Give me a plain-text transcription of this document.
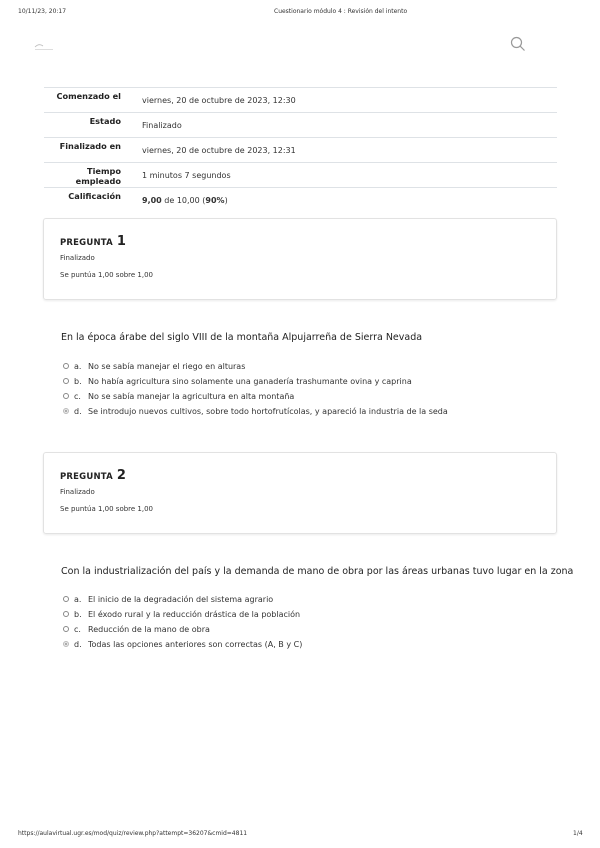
10/11/23, 20:17	Cuestionario módulo 4 : Revisión del intento
Comenzado el	viernes, 20 de octubre de 2023, 12:30
Estado	Finalizado
Finalizado en	viernes, 20 de octubre de 2023, 12:31
Tiempo empleado	1 minutos 7 segundos
Calificación	9,00 de 10,00 (90%)
PREGUNTA 1
Finalizado
Se puntúa 1,00 sobre 1,00
En la época árabe del siglo VIII de la montaña Alpujarreña de Sierra Nevada
a. No se sabía manejar el riego en alturas
b. No había agricultura sino solamente una ganadería trashumante ovina y caprina
c. No se sabía manejar la agricultura en alta montaña
d. Se introdujo nuevos cultivos, sobre todo hortofrutícolas, y apareció la industria de la seda
PREGUNTA 2
Finalizado
Se puntúa 1,00 sobre 1,00
Con la industrialización del país y la demanda de mano de obra por las áreas urbanas tuvo lugar en la zona
a. El inicio de la degradación del sistema agrario
b. El éxodo rural y la reducción drástica de la población
c. Reducción de la mano de obra
d. Todas las opciones anteriores son correctas (A, B y C)
https://aulavirtual.ugr.es/mod/quiz/review.php?attempt=36207&cmid=4811	1/4
